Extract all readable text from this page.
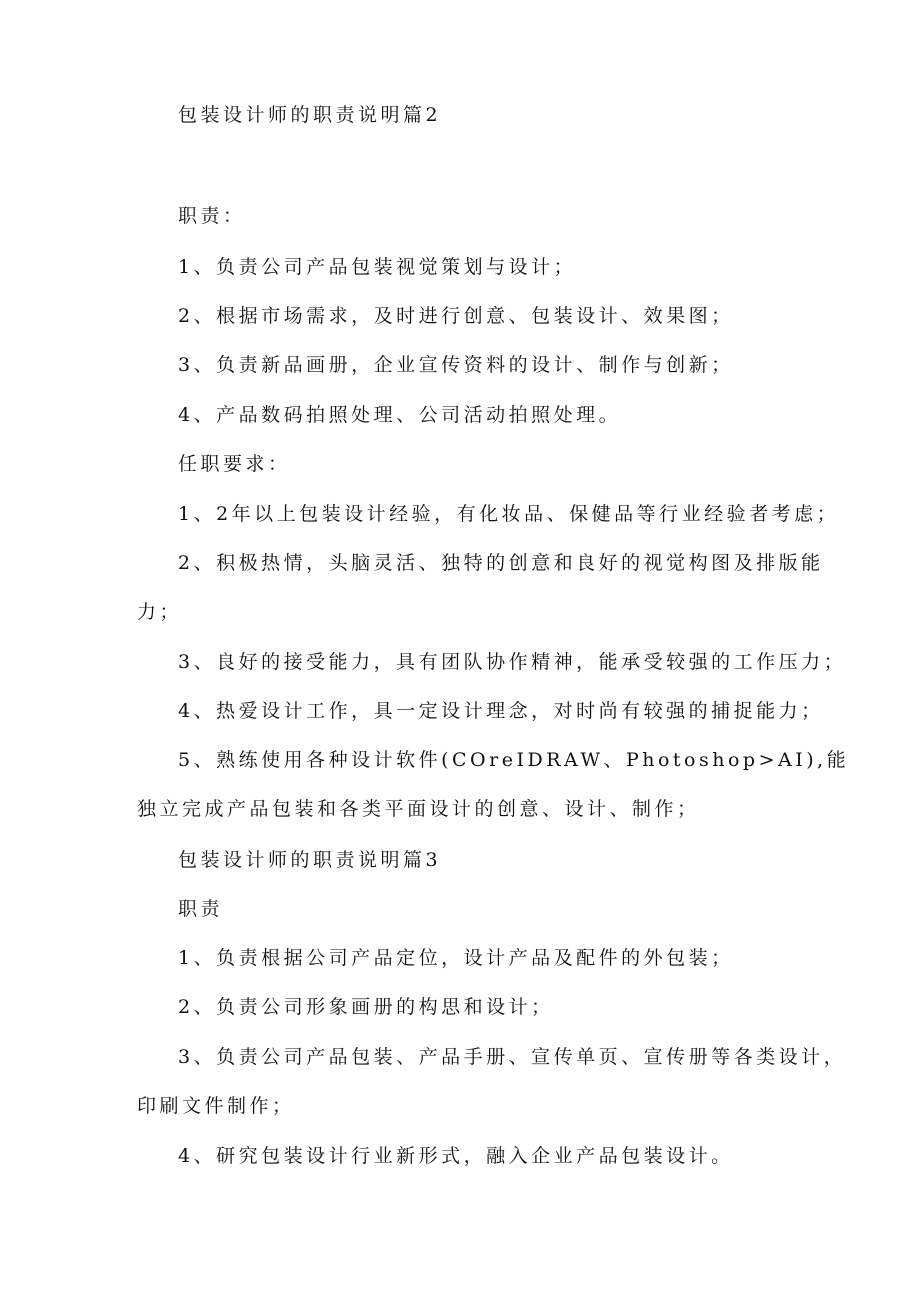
包装设计师的职责说明篇2

职责：

1、负责公司产品包装视觉策划与设计；

2、根据市场需求，及时进行创意、包装设计、效果图；

3、负责新品画册，企业宣传资料的设计、制作与创新；

4、产品数码拍照处理、公司活动拍照处理。

任职要求：

1、2年以上包装设计经验，有化妆品、保健品等行业经验者考虑；

2、积极热情，头脑灵活、独特的创意和良好的视觉构图及排版能

力；

3、良好的接受能力，具有团队协作精神，能承受较强的工作压力；

4、热爱设计工作，具一定设计理念，对时尚有较强的捕捉能力；

5、熟练使用各种设计软件(COreIDRAW、Photoshop>AI),能

独立完成产品包装和各类平面设计的创意、设计、制作；

包装设计师的职责说明篇3

职责

1、负责根据公司产品定位，设计产品及配件的外包装；

2、负责公司形象画册的构思和设计；

3、负责公司产品包装、产品手册、宣传单页、宣传册等各类设计，

印刷文件制作；

4、研究包装设计行业新形式，融入企业产品包装设计。
